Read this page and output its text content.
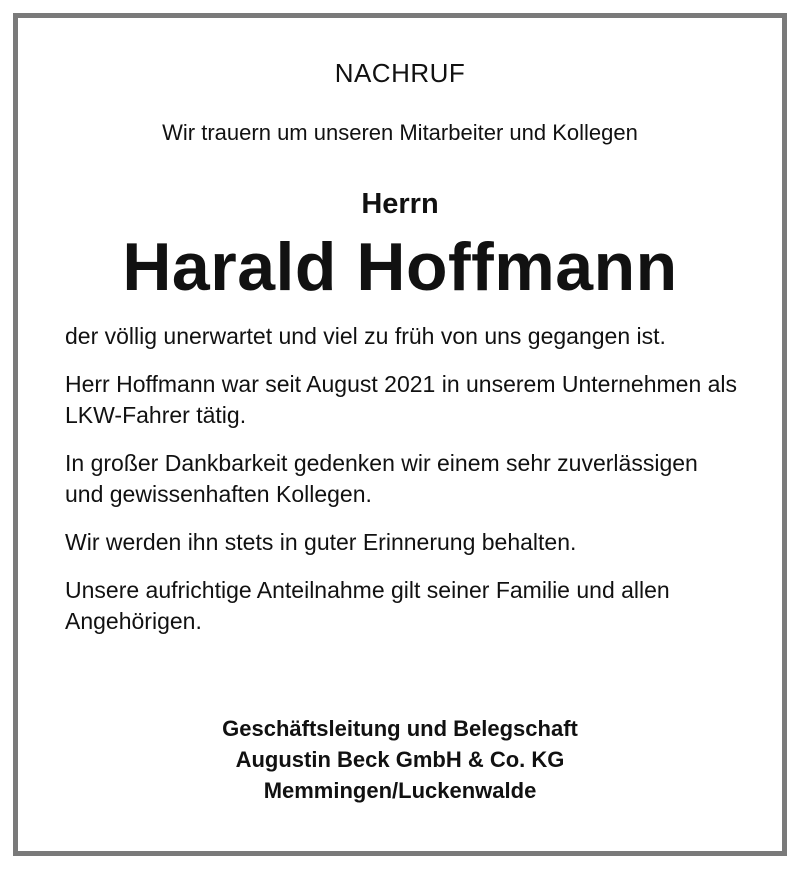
NACHRUF
Wir trauern um unseren Mitarbeiter und Kollegen
Herrn
Harald Hoffmann

der völlig unerwartet und viel zu früh von uns gegangen ist.

Herr Hoffmann war seit August 2021 in unserem Unternehmen als LKW-Fahrer tätig.

In großer Dankbarkeit gedenken wir einem sehr zuverlässigen und gewissenhaften Kollegen.

Wir werden ihn stets in guter Erinnerung behalten.

Unsere aufrichtige Anteilnahme gilt seiner Familie und allen Angehörigen.

Geschäftsleitung und Belegschaft
Augustin Beck GmbH & Co. KG
Memmingen/Luckenwalde
